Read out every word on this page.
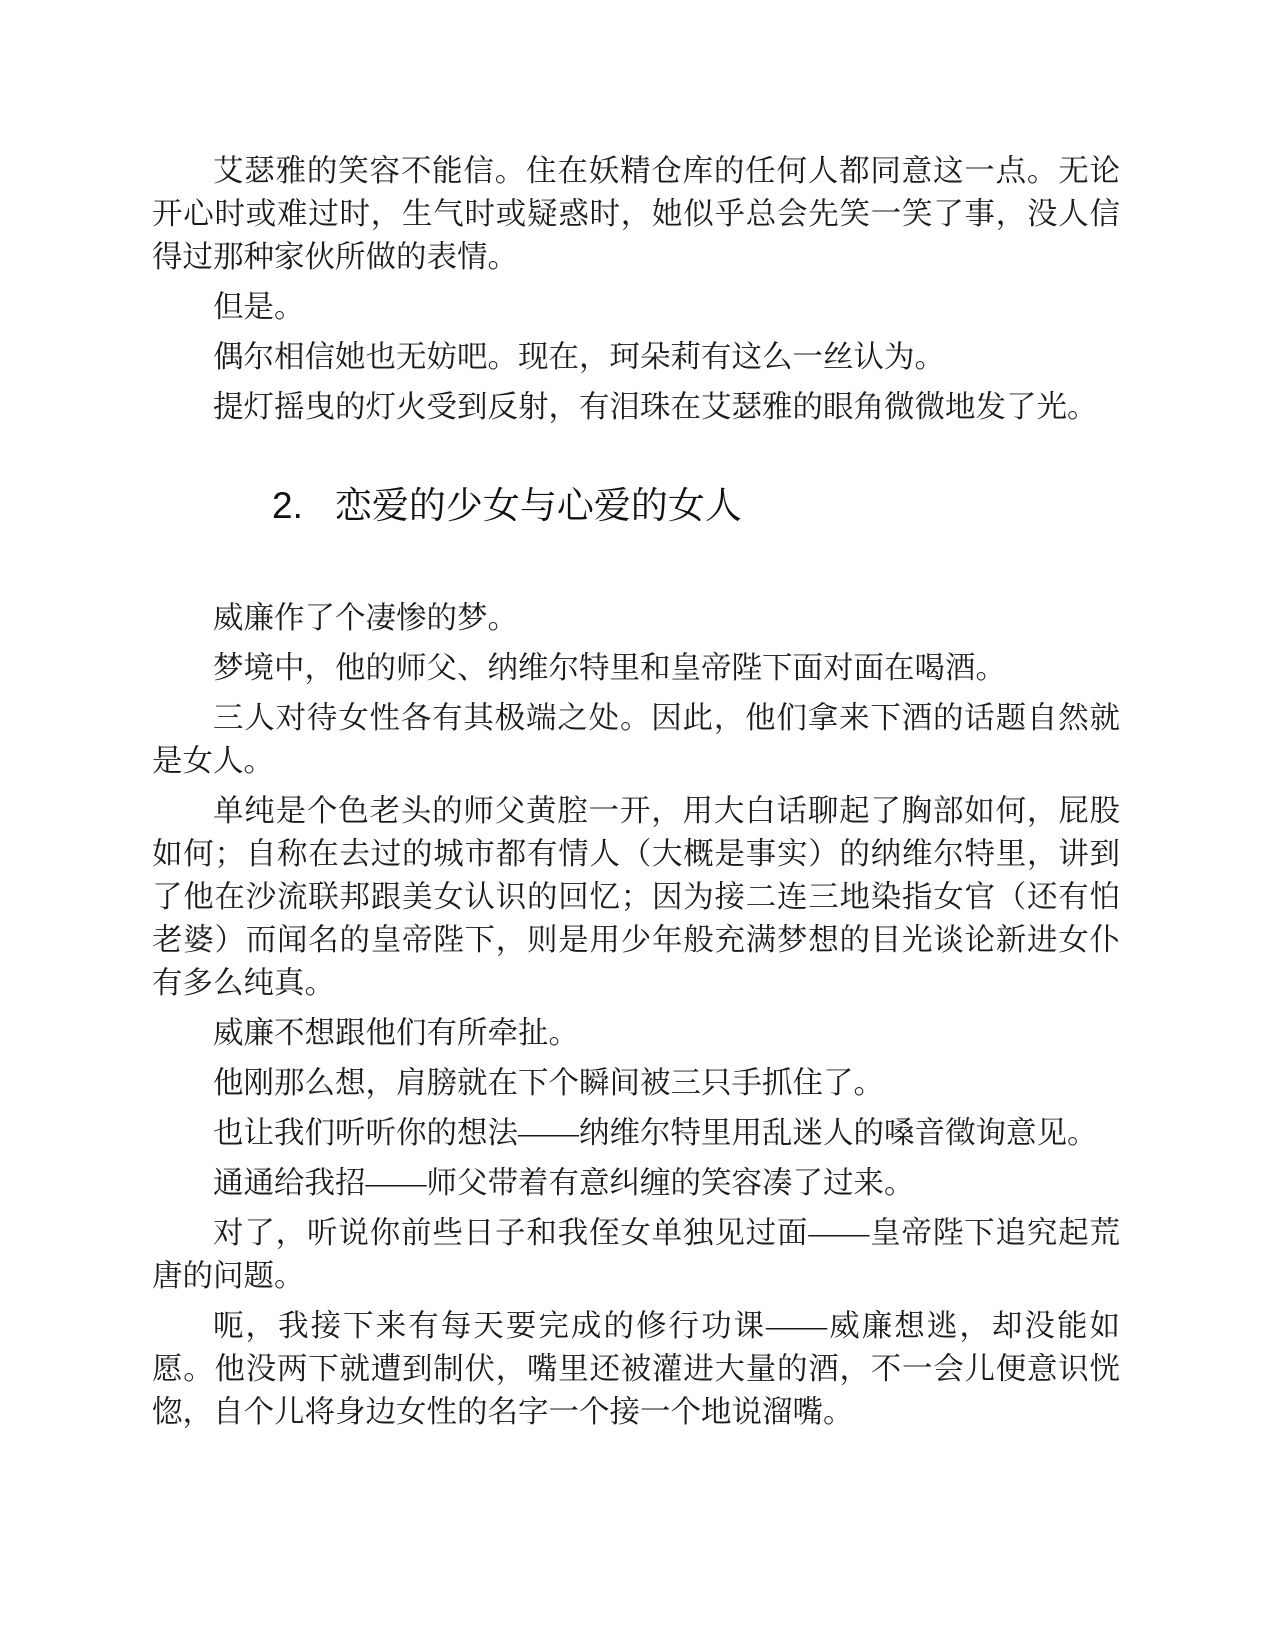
艾瑟雅的笑容不能信。住在妖精仓库的任何人都同意这一点。无论开心时或难过时，生气时或疑惑时，她似乎总会先笑一笑了事，没人信得过那种家伙所做的表情。

但是。

偶尔相信她也无妨吧。现在，珂朵莉有这么一丝认为。

提灯摇曳的灯火受到反射，有泪珠在艾瑟雅的眼角微微地发了光。

2. 恋爱的少女与心爱的女人

威廉作了个凄惨的梦。

梦境中，他的师父、纳维尔特里和皇帝陛下面对面在喝酒。

三人对待女性各有其极端之处。因此，他们拿来下酒的话题自然就是女人。

单纯是个色老头的师父黄腔一开，用大白话聊起了胸部如何，屁股如何；自称在去过的城市都有情人（大概是事实）的纳维尔特里，讲到了他在沙流联邦跟美女认识的回忆；因为接二连三地染指女官（还有怕老婆）而闻名的皇帝陛下，则是用少年般充满梦想的目光谈论新进女仆有多么纯真。

威廉不想跟他们有所牵扯。

他刚那么想，肩膀就在下个瞬间被三只手抓住了。

也让我们听听你的想法——纳维尔特里用乱迷人的嗓音徵询意见。

通通给我招——师父带着有意纠缠的笑容凑了过来。

对了，听说你前些日子和我侄女单独见过面——皇帝陛下追究起荒唐的问题。

呃，我接下来有每天要完成的修行功课——威廉想逃，却没能如愿。他没两下就遭到制伏，嘴里还被灌进大量的酒，不一会儿便意识恍惚，自个儿将身边女性的名字一个接一个地说溜嘴。
